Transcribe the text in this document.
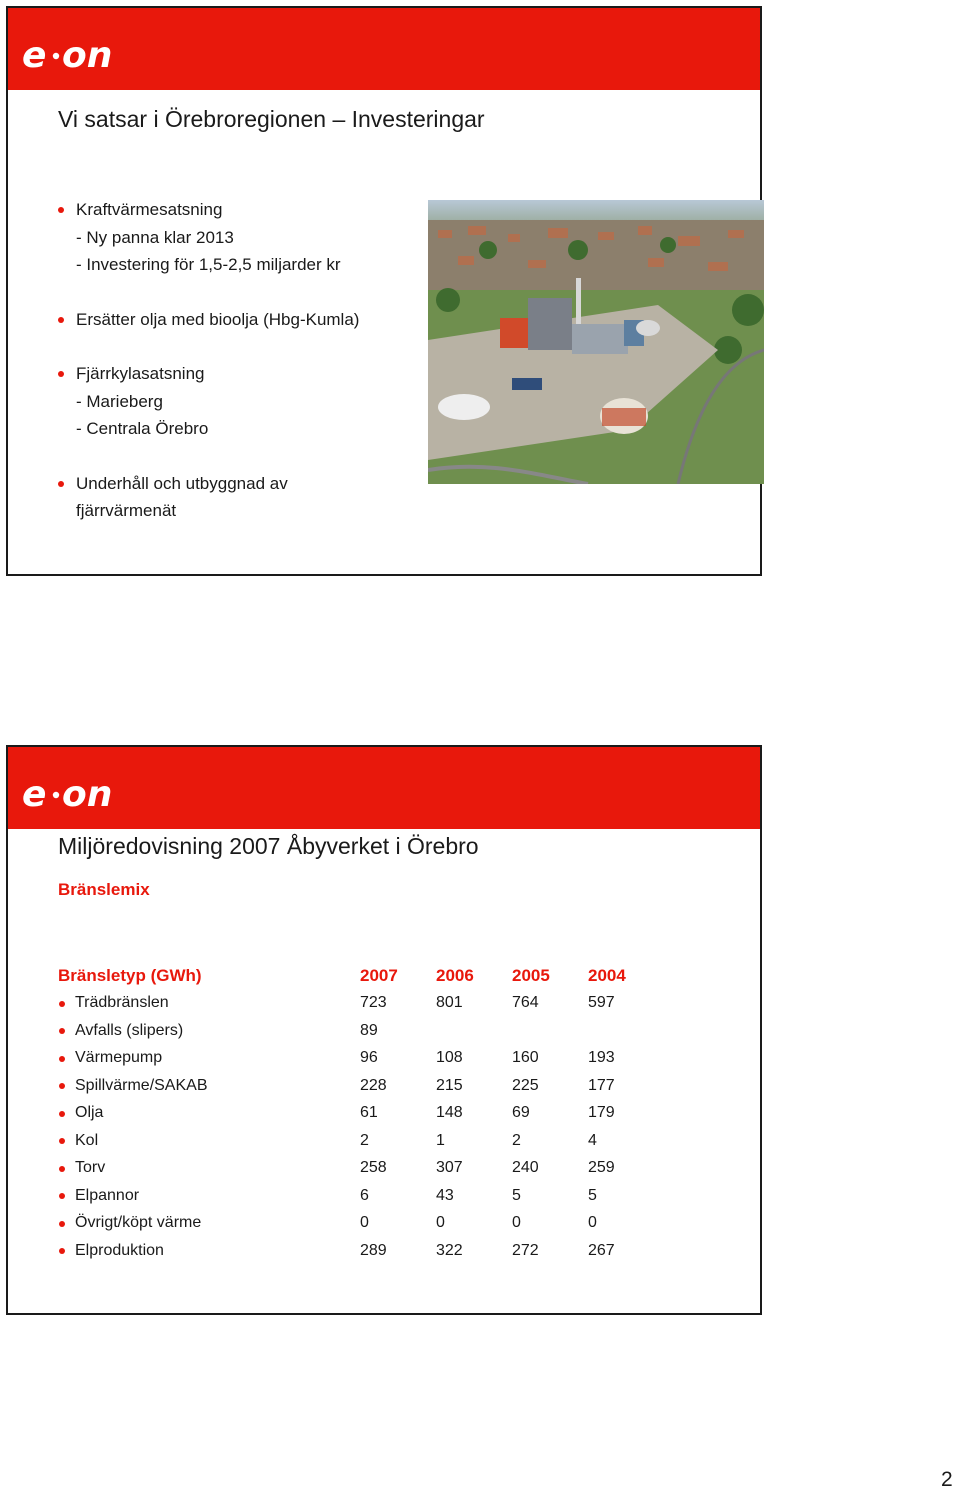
e on
Vi satsar i Örebroregionen – Investeringar
Kraftvärmesatsning
- Ny panna klar 2013
- Investering för 1,5-2,5 miljarder kr
Ersätter olja med bioolja (Hbg-Kumla)
Fjärrkylasatsning
- Marieberg
- Centrala Örebro
Underhåll och utbyggnad av
fjärrvärmenät
e on
Miljöredovisning 2007 Åbyverket i Örebro
Bränslemix
Bränsletyp (GWh)	2007	2006	2005	2004

Trädbränslen	723	801	764	597

Avfalls (slipers)	89			

Värmepump	96	108	160	193

Spillvärme/SAKAB	228	215	225	177

Olja	61	148	69	179

Kol	2	1	2	4

Torv	258	307	240	259

Elpannor	6	43	5	5

Övrigt/köpt värme	0	0	0	0

Elproduktion	289	322	272	267
2
